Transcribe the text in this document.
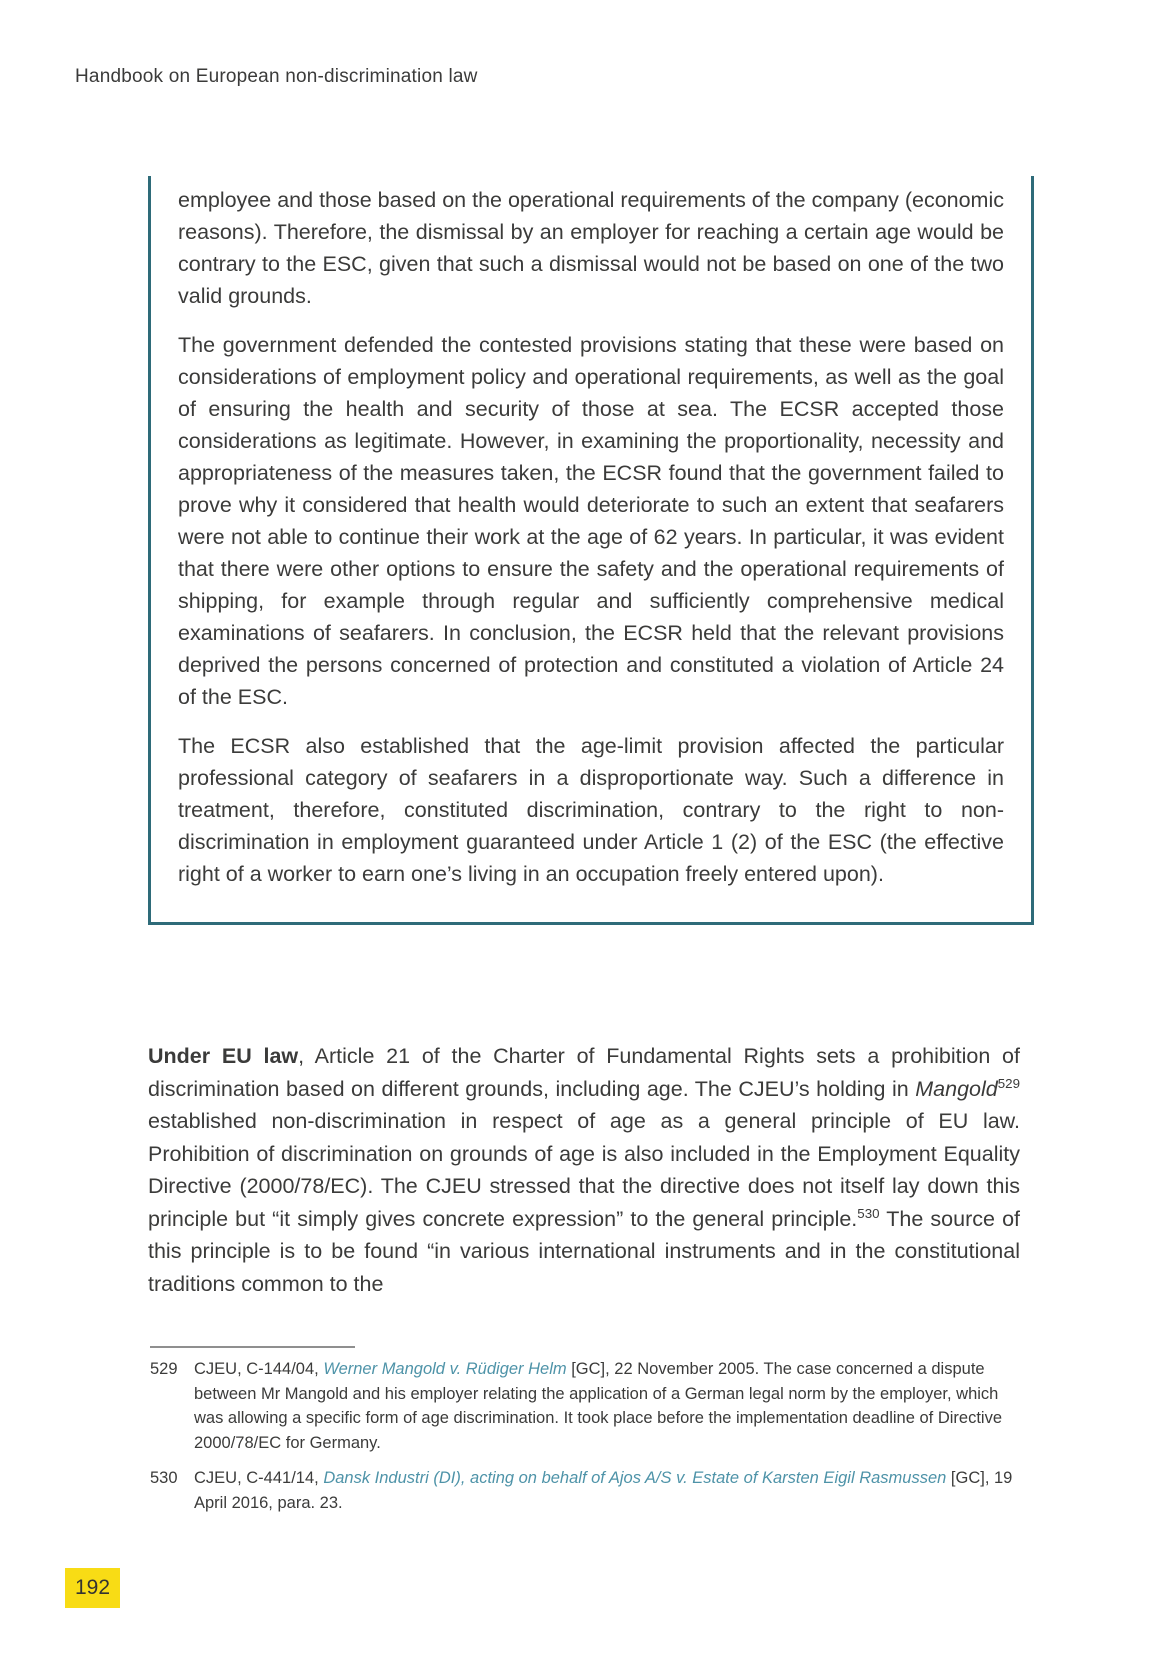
Handbook on European non-discrimination law

employee and those based on the operational requirements of the company (economic reasons). Therefore, the dismissal by an employer for reaching a certain age would be contrary to the ESC, given that such a dismissal would not be based on one of the two valid grounds.

The government defended the contested provisions stating that these were based on considerations of employment policy and operational requirements, as well as the goal of ensuring the health and security of those at sea. The ECSR accepted those considerations as legitimate. However, in examining the proportionality, necessity and appropriateness of the measures taken, the ECSR found that the government failed to prove why it considered that health would deteriorate to such an extent that seafarers were not able to continue their work at the age of 62 years. In particular, it was evident that there were other options to ensure the safety and the operational requirements of shipping, for example through regular and sufficiently comprehensive medical examinations of seafarers. In conclusion, the ECSR held that the relevant provisions deprived the persons concerned of protection and constituted a violation of Article 24 of the ESC.

The ECSR also established that the age-limit provision affected the particular professional category of seafarers in a disproportionate way. Such a difference in treatment, therefore, constituted discrimination, contrary to the right to non-discrimination in employment guaranteed under Article 1 (2) of the ESC (the effective right of a worker to earn one’s living in an occupation freely entered upon).

Under EU law, Article 21 of the Charter of Fundamental Rights sets a prohibition of discrimination based on different grounds, including age. The CJEU’s holding in Mangold$^{529}$ established non-discrimination in respect of age as a general principle of EU law. Prohibition of discrimination on grounds of age is also included in the Employment Equality Directive (2000/78/EC). The CJEU stressed that the directive does not itself lay down this principle but “it simply gives concrete expression” to the general principle.$^{530}$ The source of this principle is to be found “in various international instruments and in the constitutional traditions common to the
529 CJEU, C-144/04, Werner Mangold v. Rüdiger Helm [GC], 22 November 2005. The case concerned a dispute between Mr Mangold and his employer relating the application of a German legal norm by the employer, which was allowing a specific form of age discrimination. It took place before the implementation deadline of Directive 2000/78/EC for Germany.
530 CJEU, C-441/14, Dansk Industri (DI), acting on behalf of Ajos A/S v. Estate of Karsten Eigil Rasmussen [GC], 19 April 2016, para. 23.
192
